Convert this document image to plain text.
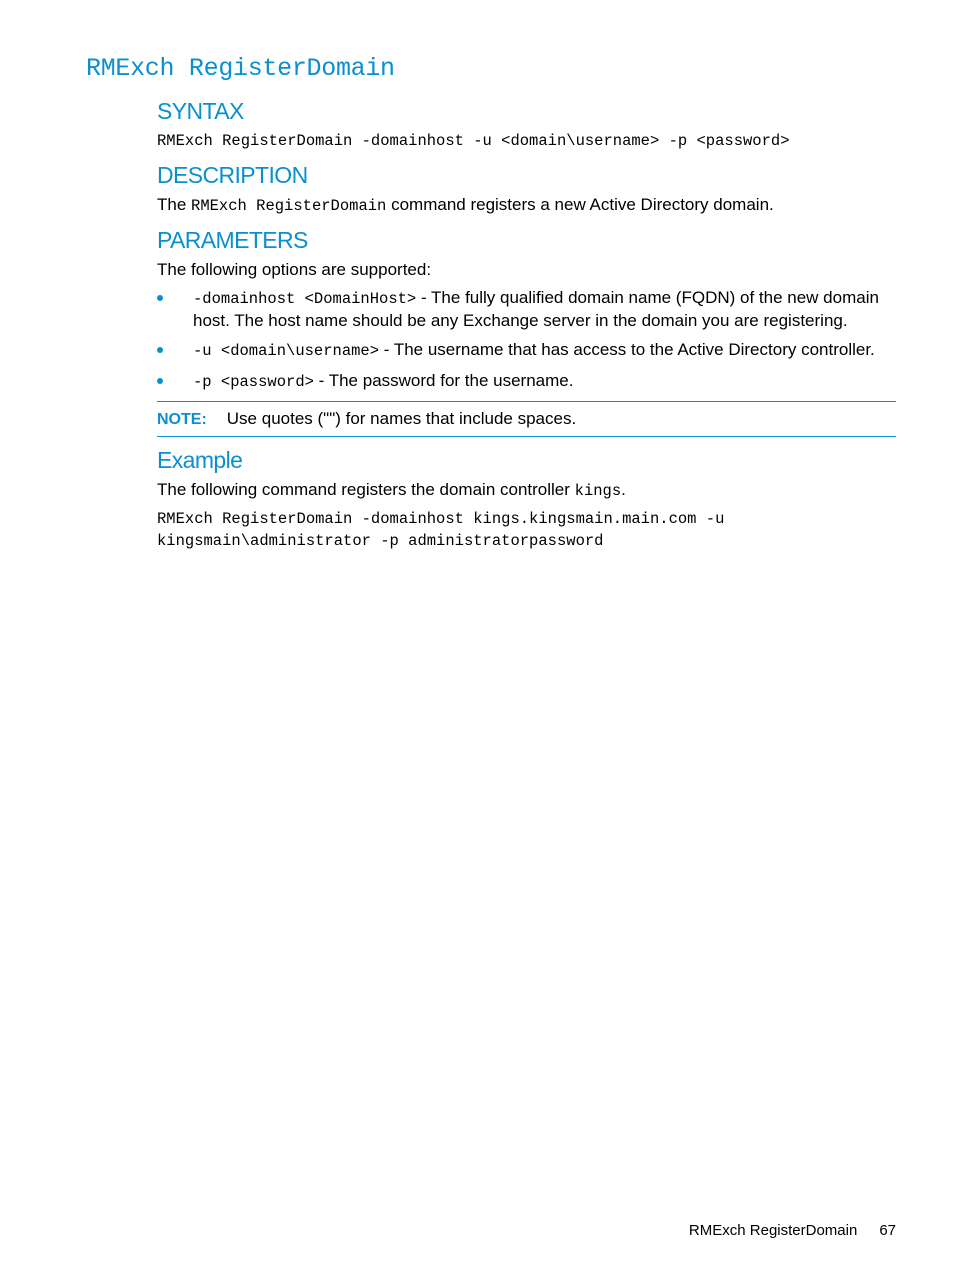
RMExch RegisterDomain
SYNTAX
RMExch RegisterDomain -domainhost -u <domain\username> -p <password>
DESCRIPTION

The RMExch RegisterDomain command registers a new Active Directory domain.

PARAMETERS

The following options are supported:

-domainhost <DomainHost> - The fully qualified domain name (FQDN) of the new domain host. The host name should be any Exchange server in the domain you are registering.
-u <domain\username> - The username that has access to the Active Directory controller.
-p <password> - The password for the username.
NOTE: Use quotes ("") for names that include spaces.
Example

The following command registers the domain controller kings.

RMExch RegisterDomain -domainhost kings.kingsmain.main.com -u
kingsmain\administrator -p administratorpassword
RMExch RegisterDomain 67
